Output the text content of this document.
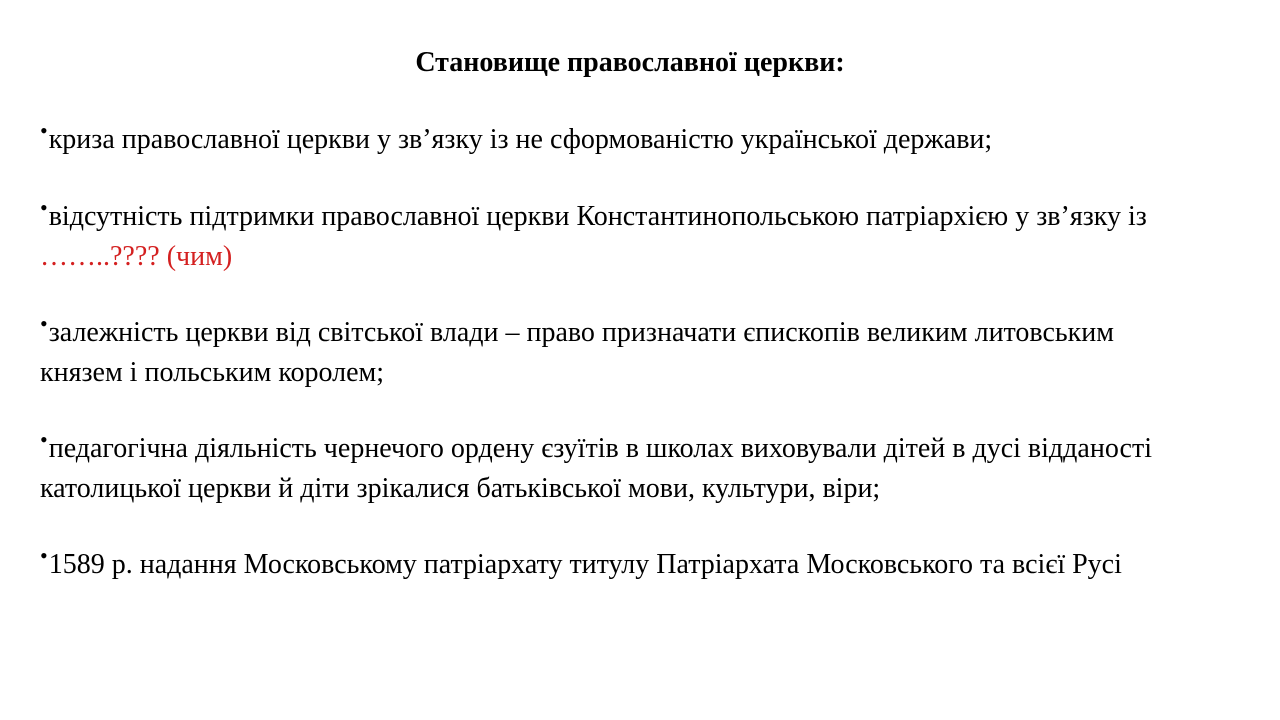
Становище православної церкви:
•криза православної церкви у зв’язку із не сформованістю української держави;
•відсутність підтримки православної церкви Константинопольською патріархією у зв’язку із ……..???? (чим)
•залежність церкви від світської влади – право призначати єпископів великим литовським князем і польським королем;
•педагогічна діяльність чернечого ордену єзуїтів в школах виховували дітей в дусі відданості католицької церкви й діти зрікалися батьківської мови, культури, віри;
•1589 р. надання Московському патріархату титулу Патріархата Московського та всієї Русі
